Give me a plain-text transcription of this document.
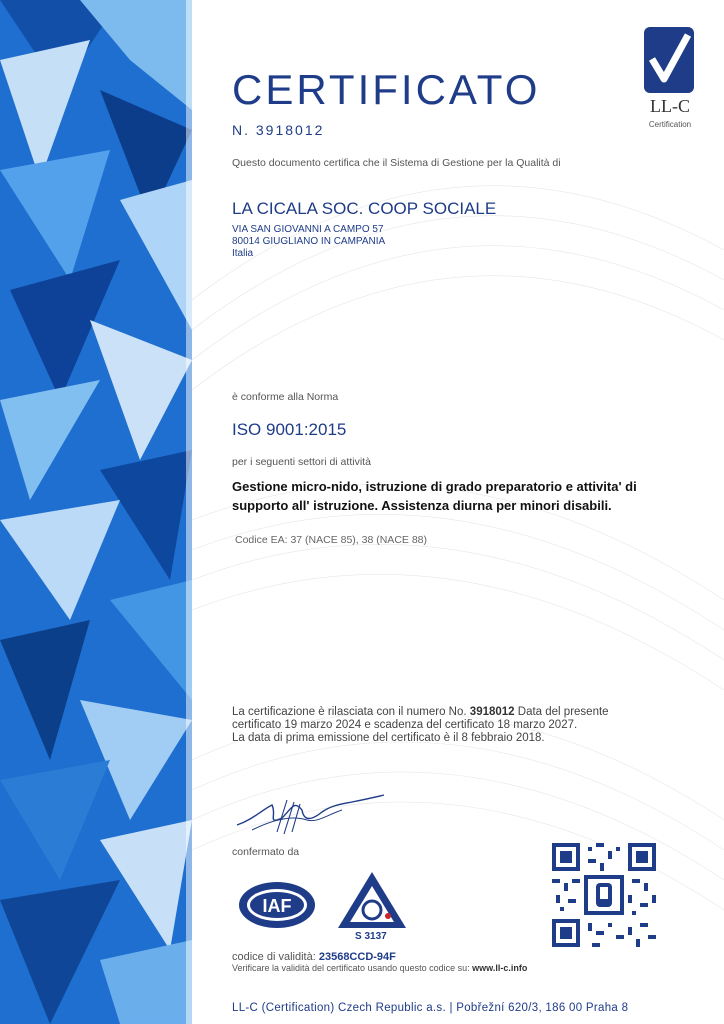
LL-C
Certification
CERTIFICATO
N. 3918012
Questo documento certifica che il Sistema di Gestione per la Qualità di
LA CICALA SOC. COOP SOCIALE
VIA SAN GIOVANNI A CAMPO 57
80014 GIUGLIANO IN CAMPANIA
Italia
è conforme alla Norma
ISO 9001:2015
per i seguenti settori di attività
Gestione micro-nido, istruzione di grado preparatorio e attivita' di supporto all' istruzione. Assistenza diurna per minori disabili.
Codice EA: 37 (NACE 85), 38 (NACE 88)
La certificazione è rilasciata con il numero No. 3918012 Data del presente
certificato 19 marzo 2024 e scadenza del certificato 18 marzo 2027.
La data di prima emissione del certificato è il 8 febbraio 2018.
confermato da
IAF
S 3137
codice di validità: 23568CCD-94F
Verificare la validità del certificato usando questo codice su: www.ll-c.info
LL-C (Certification) Czech Republic a.s. | Pobřežní 620/3, 186 00 Praha 8
